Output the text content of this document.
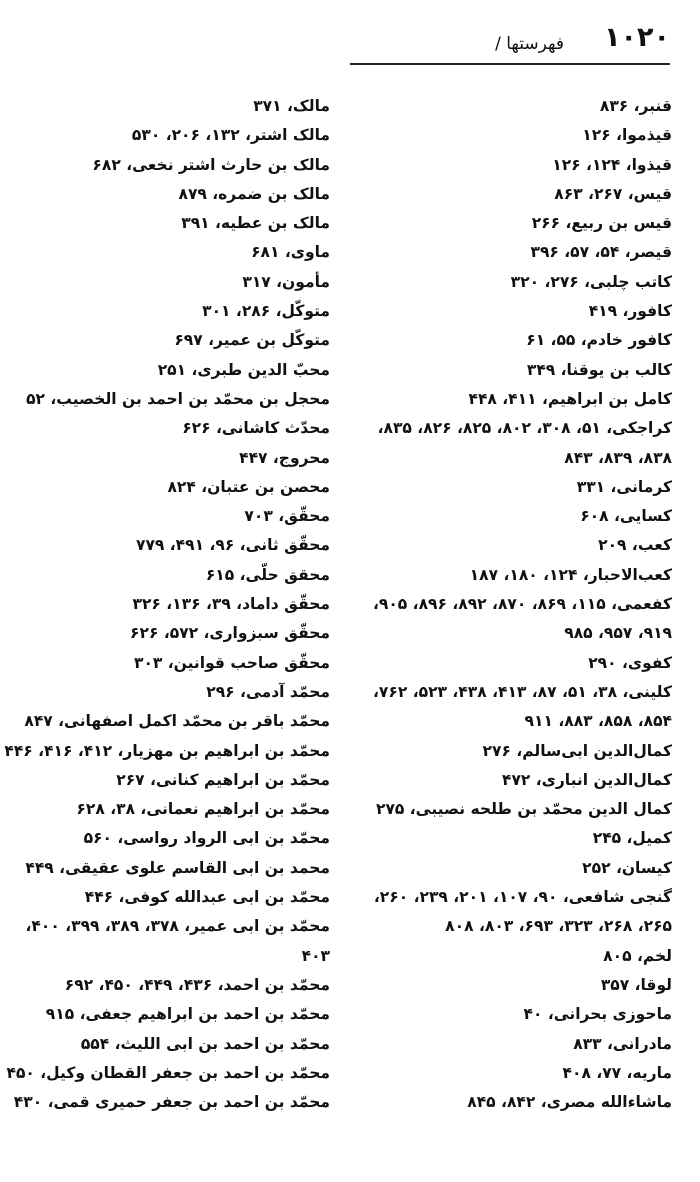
۱۰۲۰
فهرستها /
قنبر، ۸۳۶
قیذموا، ۱۲۶
قیذوا، ۱۲۴، ۱۲۶
قیس، ۲۶۷، ۸۶۳
قیس بن ربیع، ۲۶۶
قیصر، ۵۴، ۵۷، ۳۹۶
کاتب چلبی، ۲۷۶، ۳۲۰
کافور، ۴۱۹
کافور خادم، ۵۵، ۶۱
کالب بن یوقنا، ۳۴۹
کامل بن ابراهیم، ۴۱۱، ۴۴۸
کراجکی، ۵۱، ۳۰۸، ۸۰۲، ۸۲۵، ۸۲۶، ۸۳۵،
۸۳۸، ۸۳۹، ۸۴۳
کرمانی، ۳۳۱
کسایی، ۶۰۸
کعب، ۲۰۹
کعب‌الاحبار، ۱۲۴، ۱۸۰، ۱۸۷
کفعمی، ۱۱۵، ۸۶۹، ۸۷۰، ۸۹۲، ۸۹۶، ۹۰۵،
۹۱۹، ۹۵۷، ۹۸۵
کفوی، ۲۹۰
کلینی، ۳۸، ۵۱، ۸۷، ۴۱۳، ۴۳۸، ۵۲۳، ۷۶۲،
۸۵۴، ۸۵۸، ۸۸۳، ۹۱۱
کمال‌الدین ابی‌سالم، ۲۷۶
کمال‌الدین انباری، ۴۷۲
کمال الدین محمّد بن طلحه نصیبی، ۲۷۵
کمیل، ۲۴۵
کیسان، ۲۵۲
گنجی شافعی، ۹۰، ۱۰۷، ۲۰۱، ۲۳۹، ۲۶۰،
۲۶۵، ۲۶۸، ۳۲۳، ۶۹۳، ۸۰۳، ۸۰۸
لخم، ۸۰۵
لوقا، ۳۵۷
ماحوزی بحرانی، ۴۰
مادرانی، ۸۳۳
ماریه، ۷۷، ۴۰۸
ماشاءالله مصری، ۸۴۲، ۸۴۵
مالک، ۳۷۱
مالک اشتر، ۱۳۲، ۲۰۶، ۵۳۰
مالک بن حارث اشتر نخعی، ۶۸۲
مالک بن ضمره، ۸۷۹
مالک بن عطیه، ۳۹۱
ماوی، ۶۸۱
مأمون، ۳۱۷
متوکّل، ۲۸۶، ۳۰۱
متوکّل بن عمیر، ۶۹۷
محبّ الدین طبری، ۲۵۱
محجل بن محمّد بن احمد بن الخصیب، ۵۲
محدّث کاشانی، ۶۲۶
محروج، ۴۴۷
محصن بن عتبان، ۸۲۴
محقّق، ۷۰۳
محقّق ثانی، ۹۶، ۴۹۱، ۷۷۹
محقق حلّی، ۶۱۵
محقّق داماد، ۳۹، ۱۳۶، ۳۲۶
محقّق سبزواری، ۵۷۲، ۶۲۶
محقّق صاحب قوانین، ۳۰۳
محمّد آدمی، ۲۹۶
محمّد باقر بن محمّد اکمل اصفهانی، ۸۴۷
محمّد بن ابراهیم بن مهزیار، ۴۱۲، ۴۱۶، ۴۴۶
محمّد بن ابراهیم کنانی، ۲۶۷
محمّد بن ابراهیم نعمانی، ۳۸، ۶۲۸
محمّد بن ابی الرواد رواسی، ۵۶۰
محمد بن ابی القاسم علوی عقیقی، ۴۴۹
محمّد بن ابی عبدالله کوفی، ۴۴۶
محمّد بن ابی عمیر، ۳۷۸، ۳۸۹، ۳۹۹، ۴۰۰،
۴۰۳
محمّد بن احمد، ۴۳۶، ۴۴۹، ۴۵۰، ۶۹۲
محمّد بن احمد بن ابراهیم جعفی، ۹۱۵
محمّد بن احمد بن ابی اللیث، ۵۵۴
محمّد بن احمد بن جعفر القطان وکیل، ۴۵۰
محمّد بن احمد بن جعفر حمیری قمی، ۴۳۰
